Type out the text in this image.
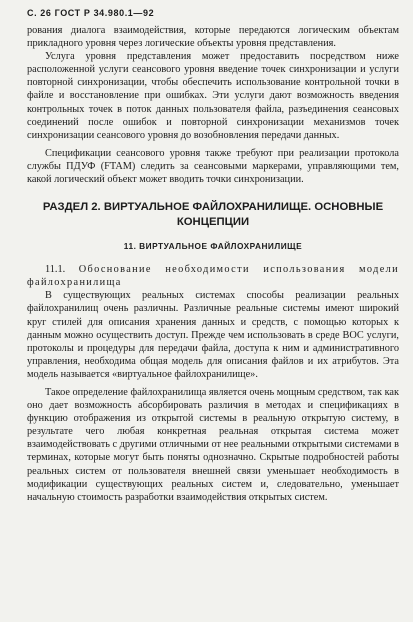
С. 26 ГОСТ Р 34.980.1—92

рования диалога взаимодействия, которые передаются логическим объектам прикладного уровня через логические объекты уровня представления.

Услуга уровня представления может предоставить посредством ниже расположенной услуги сеансового уровня введение точек синхронизации и услуги повторной синхронизации, чтобы обеспечить использование контрольной точки в файле и восстановление при ошибках. Эти услуги дают возможность введения контрольных точек в поток данных пользователя файла, разъединения сеансовых соединений после ошибок и повторной синхронизации механизмов точек синхронизации сеансового уровня до возобновления передачи данных.

Спецификации сеансового уровня также требуют при реализации протокола службы ПДУФ (FTAM) следить за сеансовыми маркерами, управляющими тем, какой логический объект может вводить точки синхронизации.

РАЗДЕЛ 2. ВИРТУАЛЬНОЕ ФАЙЛОХРАНИЛИЩЕ. ОСНОВНЫЕ КОНЦЕПЦИИ
11. ВИРТУАЛЬНОЕ ФАЙЛОХРАНИЛИЩЕ

11.1. Обоснование необходимости использования модели файлохранилища

В существующих реальных системах способы реализации реальных файлохранилищ очень различны. Различные реальные системы имеют широкий круг стилей для описания хранения данных и средств, с помощью которых к данным можно осуществить доступ. Прежде чем использовать в среде ВОС услуги, протоколы и процедуры для передачи файла, доступа к ним и административного управления, необходима общая модель для описания файлов и их атрибутов. Эта модель называется «виртуальное файлохранилище».

Такое определение файлохранилища является очень мощным средством, так как оно дает возможность абсорбировать различия в методах и спецификациях в функцию отображения из открытой системы в реальную открытую систему, в результате чего любая конкретная реальная открытая система может взаимодействовать с другими отличными от нее реальными открытыми системами в терминах, которые могут быть поняты однозначно. Скрытые подробностей работы реальных систем от пользователя внешней связи уменьшает необходимость в модификации существующих реальных систем и, следовательно, уменьшает начальную стоимость разработки взаимодействия открытых систем.
